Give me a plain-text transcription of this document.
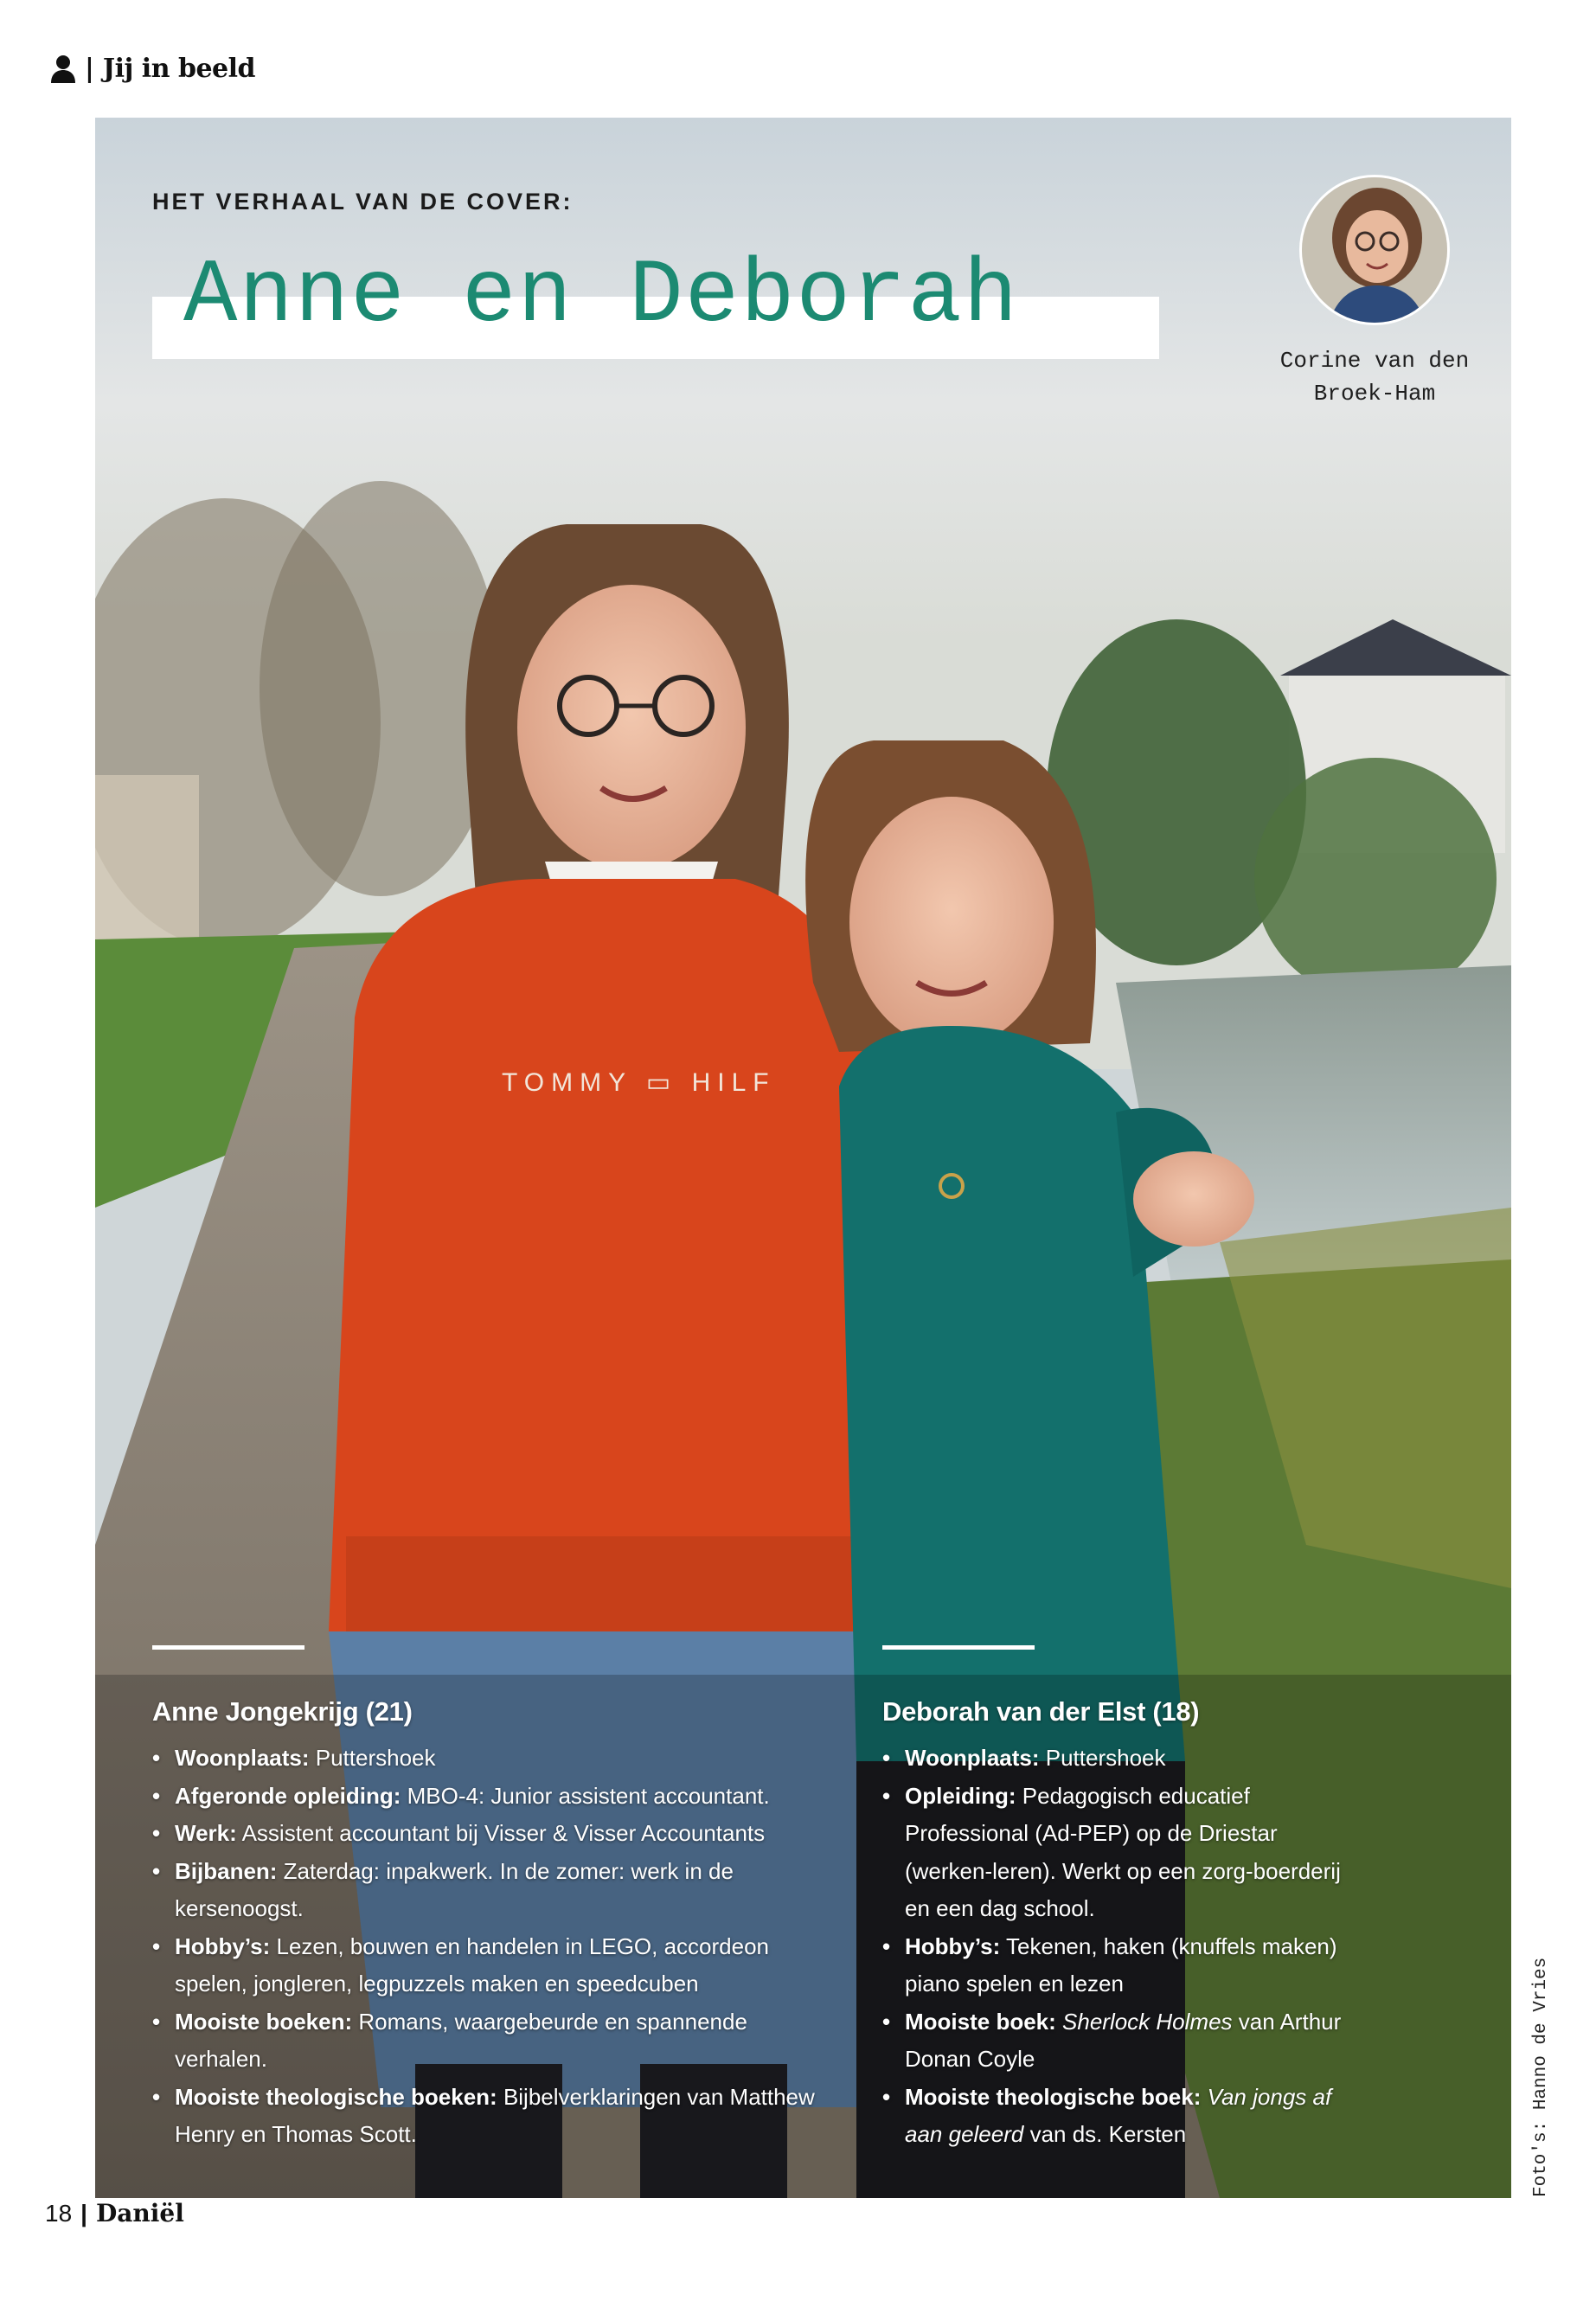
| Jij in beeld
TOMMY ▭ HILF
HET VERHAAL VAN DE COVER:
Anne en Deborah
Corine van den Broek-Ham
Anne Jongekrijg (21)
• Woonplaats: Puttershoek
• Afgeronde opleiding: MBO-4: Junior assistent accountant.
• Werk: Assistent accountant bij Visser & Visser Accountants
• Bijbanen: Zaterdag: inpakwerk. In de zomer: werk in de kersenoogst.
• Hobby’s: Lezen, bouwen en handelen in LEGO, accordeon spelen, jongleren, legpuzzels maken en speedcuben
• Mooiste boeken: Romans, waargebeurde en spannende verhalen.
• Mooiste theologische boeken: Bijbelverklaringen van Matthew Henry en Thomas Scott.
Deborah van der Elst (18)
• Woonplaats: Puttershoek
• Opleiding: Pedagogisch educatief Professional (Ad-PEP) op de Driestar (werken-leren). Werkt op een zorg-boerderij en een dag school.
• Hobby’s: Tekenen, haken (knuffels maken) piano spelen en lezen
• Mooiste boek: Sherlock Holmes van Arthur Donan Coyle
• Mooiste theologische boek: Van jongs af aan geleerd van ds. Kersten	Foto's: Hanno de Vries
18 | Daniël
